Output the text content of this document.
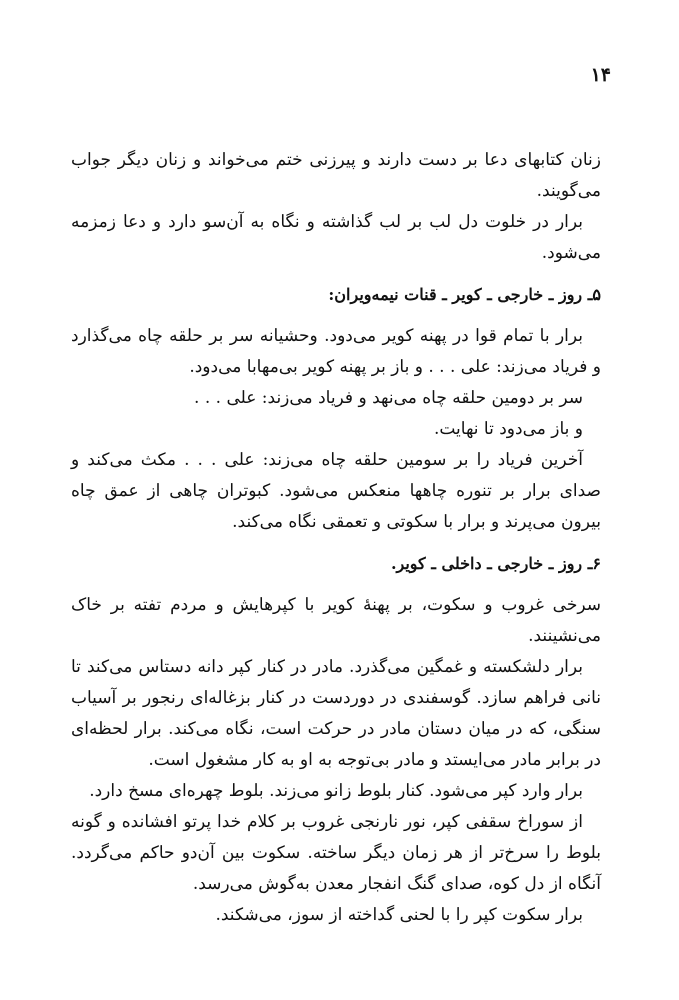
۱۴

زنان کتابهای دعا بر دست دارند و پیرزنی ختم می‌خواند و زنان دیگر جواب می‌گویند.

برار در خلوت دل لب بر لب گذاشته و نگاه به آن‌سو دارد و دعا زمزمه می‌شود.

۵ـ روز ـ خارجی ـ کویر ـ قنات نیمه‌ویران:

برار با تمام قوا در پهنه کویر می‌دود. وحشیانه سر بر حلقه چاه می‌گذارد و فریاد می‌زند: علی . . . و باز بر پهنه کویر بی‌مهابا می‌دود.

سر بر دومین حلقه چاه می‌نهد و فریاد می‌زند: علی . . .

و باز می‌دود تا نهایت.

آخرین فریاد را بر سومین حلقه چاه می‌زند: علی . . . مکث می‌کند و صدای برار بر تنوره چاهها منعکس می‌شود. کبوتران چاهی از عمق چاه بیرون می‌پرند و برار با سکوتی و تعمقی نگاه می‌کند.

۶ـ روز ـ خارجی ـ داخلی ـ کویر.

سرخی غروب و سکوت، بر پهنهٔ کویر با کپرهایش و مردم تفته بر خاک می‌نشینند.

برار دلشکسته و غمگین می‌گذرد. مادر در کنار کپر دانه دستاس می‌کند تا نانی فراهم سازد. گوسفندی در دوردست در کنار بزغاله‌ای رنجور بر آسیاب سنگی، که در میان دستان مادر در حرکت است، نگاه می‌کند. برار لحظه‌ای در برابر مادر می‌ایستد و مادر بی‌توجه به او به کار مشغول است.

برار وارد کپر می‌شود. کنار بلوط زانو می‌زند. بلوط چهره‌ای مسخ دارد.

از سوراخ سقفی کپر، نور نارنجی غروب بر کلام خدا پرتو افشانده و گونه بلوط را سرخ‌تر از هر زمان دیگر ساخته. سکوت بین آن‌دو حاکم می‌گردد. آنگاه از دل کوه، صدای گنگ انفجار معدن به‌گوش می‌رسد.

برار سکوت کپر را با لحنی گداخته از سوز، می‌شکند.
